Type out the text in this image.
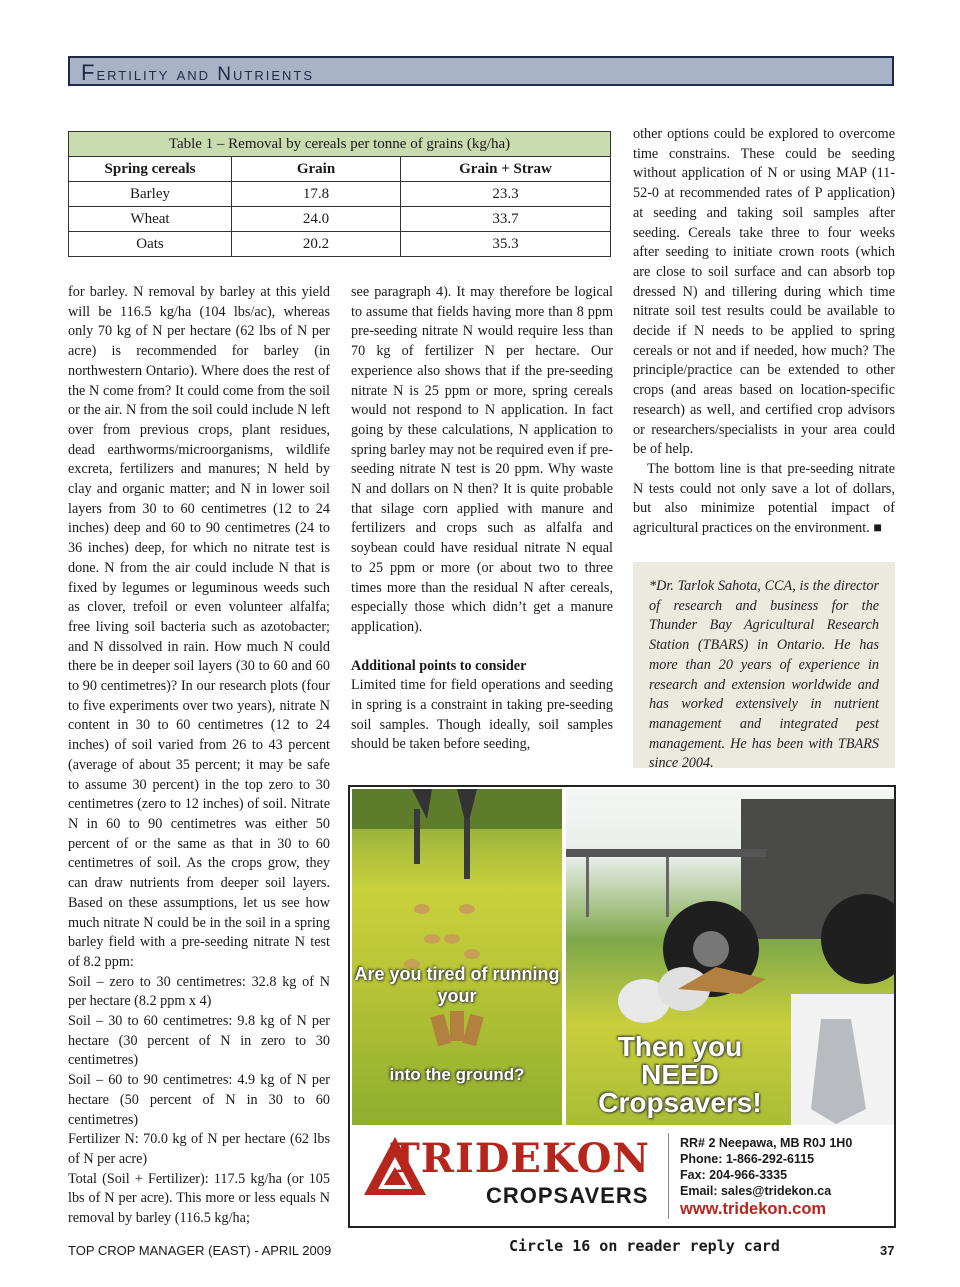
Fertility and Nutrients
Table 1 – Removal by cereals per tonne of grains (kg/ha)		
Spring cereals	Grain	Grain + Straw
Barley	17.8	23.3
Wheat	24.0	33.7
Oats	20.2	35.3

for barley. N removal by barley at this yield will be 116.5 kg/ha (104 lbs/ac), whereas only 70 kg of N per hectare (62 lbs of N per acre) is recommended for barley (in northwestern Ontario). Where does the rest of the N come from? It could come from the soil or the air. N from the soil could include N left over from previous crops, plant residues, dead earthworms/microorganisms, wildlife excreta, fertilizers and manures; N held by clay and organic matter; and N in lower soil layers from 30 to 60 centimetres (12 to 24 inches) deep and 60 to 90 centimetres (24 to 36 inches) deep, for which no nitrate test is done. N from the air could include N that is fixed by legumes or leguminous weeds such as clover, trefoil or even volunteer alfalfa; free living soil bacteria such as azotobacter; and N dissolved in rain. How much N could there be in deeper soil layers (30 to 60 and 60 to 90 centimetres)? In our research plots (four to five experiments over two years), nitrate N content in 30 to 60 centimetres (12 to 24 inches) of soil varied from 26 to 43 percent (average of about 35 percent; it may be safe to assume 30 percent) in the top zero to 30 centimetres (zero to 12 inches) of soil. Nitrate N in 60 to 90 centimetres was either 50 percent of or the same as that in 30 to 60 centimetres of soil. As the crops grow, they can draw nutrients from deeper soil layers. Based on these assumptions, let us see how much nitrate N could be in the soil in a spring barley field with a pre-seeding nitrate N test of 8.2 ppm:

Soil – zero to 30 centimetres: 32.8 kg of N per hectare (8.2 ppm x 4)

Soil – 30 to 60 centimetres: 9.8 kg of N per hectare (30 percent of N in zero to 30 centimetres)

Soil – 60 to 90 centimetres: 4.9 kg of N per hectare (50 percent of N in 30 to 60 centimetres)

Fertilizer N: 70.0 kg of N per hectare (62 lbs of N per acre)

Total (Soil + Fertilizer): 117.5 kg/ha (or 105 lbs of N per acre). This more or less equals N removal by barley (116.5 kg/ha;

see paragraph 4). It may therefore be logical to assume that fields having more than 8 ppm pre-seeding nitrate N would require less than 70 kg of fertilizer N per hectare. Our experience also shows that if the pre-seeding nitrate N is 25 ppm or more, spring cereals would not respond to N application. In fact going by these calculations, N application to spring barley may not be required even if pre-seeding nitrate N test is 20 ppm. Why waste N and dollars on N then? It is quite probable that silage corn applied with manure and fertilizers and crops such as alfalfa and soybean could have residual nitrate N equal to 25 ppm or more (or about two to three times more than the residual N after cereals, especially those which didn’t get a manure application).

Additional points to consider

Limited time for field operations and seeding in spring is a constraint in taking pre-seeding soil samples. Though ideally, soil samples should be taken before seeding,

other options could be explored to overcome time constrains. These could be seeding without application of N or using MAP (11-52-0 at recommended rates of P application) at seeding and taking soil samples after seeding. Cereals take three to four weeks after seeding to initiate crown roots (which are close to soil surface and can absorb top dressed N) and tillering during which time nitrate soil test results could be available to decide if N needs to be applied to spring cereals or not and if needed, how much? The principle/practice can be extended to other crops (and areas based on location-specific research) as well, and certified crop advisors or researchers/specialists in your area could be of help.

The bottom line is that pre-seeding nitrate N tests could not only save a lot of dollars, but also minimize potential impact of agricultural practices on the environment. ■

*Dr. Tarlok Sahota, CCA, is the director of research and business for the Thunder Bay Agricultural Research Station (TBARS) in Ontario. He has more than 20 years of experience in research and extension worldwide and has worked extensively in nutrient management and integrated pest management. He has been with TBARS since 2004.
Are you tired of running your
into the ground?
Then you NEED Cropsavers!
TRIDEKON
CROPSAVERS
RR# 2 Neepawa, MB R0J 1H0
Phone: 1-866-292-6115
Fax: 204-966-3335
Email: sales@tridekon.ca
www.tridekon.com
TOP CROP MANAGER (EAST) - APRIL 2009	Circle 16 on reader reply card	37
